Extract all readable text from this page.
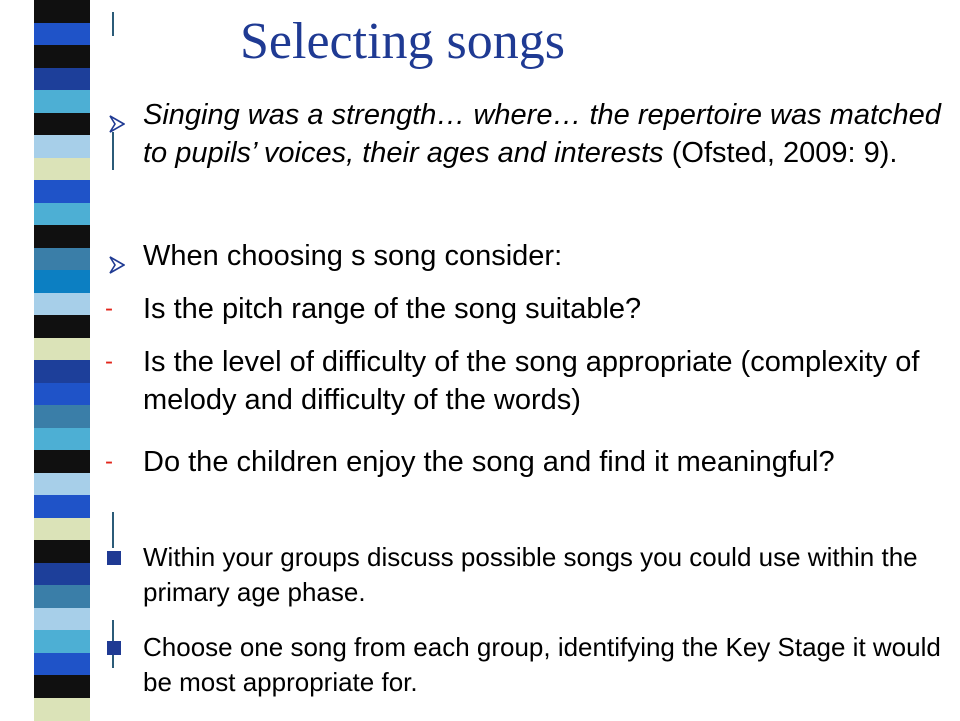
Selecting songs
Singing was a strength… where… the repertoire was matched to pupils’ voices, their ages and interests (Ofsted, 2009: 9).
When choosing s song consider:
- Is the pitch range of the song suitable?
- Is the level of difficulty of the song appropriate (complexity of melody and difficulty of the words)
- Do the children enjoy the song and find it meaningful?
Within your groups discuss possible songs you could use within the primary age phase.
Choose one song from each group, identifying the Key Stage it would be most appropriate for.
